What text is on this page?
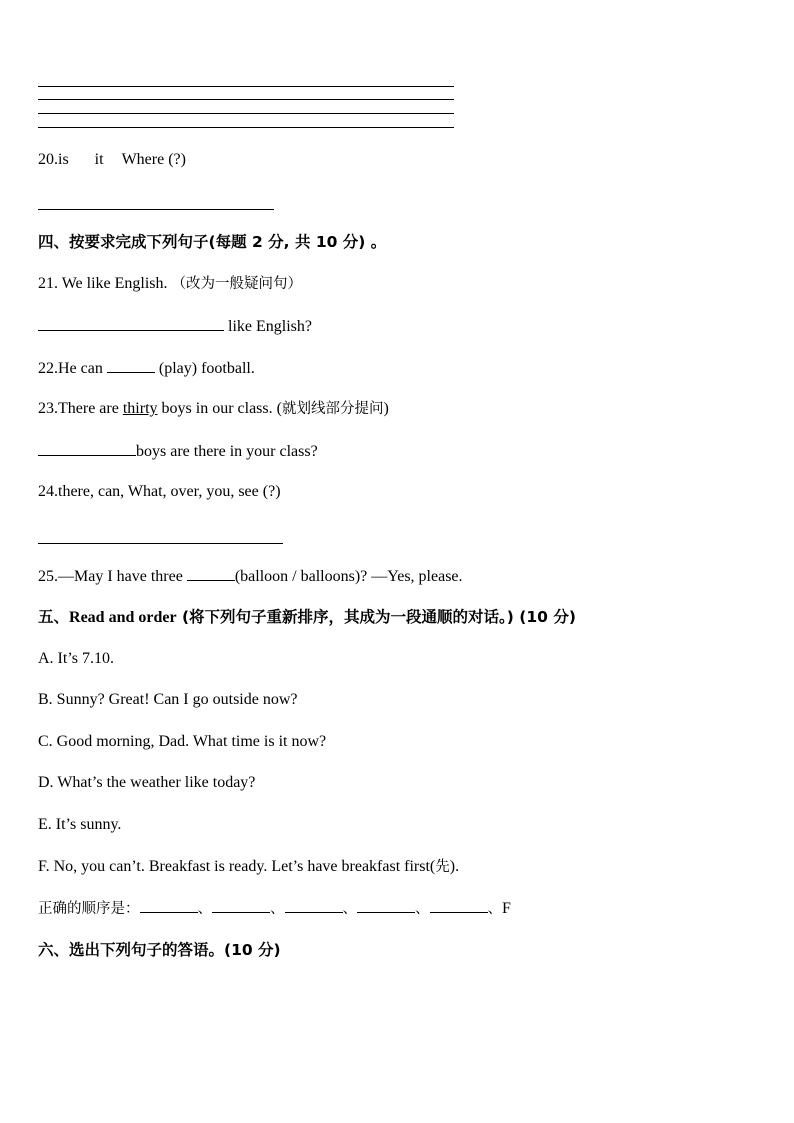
20.is it Where (?)
四、按要求完成下列句子(每题 2 分, 共 10 分) 。
21. We like English. （改为一般疑问句）
like English?
22.He can	(play) football.
23.There are thirty boys in our class. (就划线部分提问)
boys are there in your class?
24.there, can, What, over, you, see (?)
25.—May I have three	(balloon / balloons)? —Yes, please.
五、Read and order (将下列句子重新排序，其成为一段通顺的对话。) (10 分)
A. It’s 7.10.
B. Sunny? Great! Can I go outside now?
C. Good morning, Dad. What time is it now?
D. What’s the weather like today?
E. It’s sunny.
F. No, you can’t. Breakfast is ready. Let’s have breakfast first(先).
正确的顺序是：	、	、	、	、	、F
六、选出下列句子的答语。(10 分)
